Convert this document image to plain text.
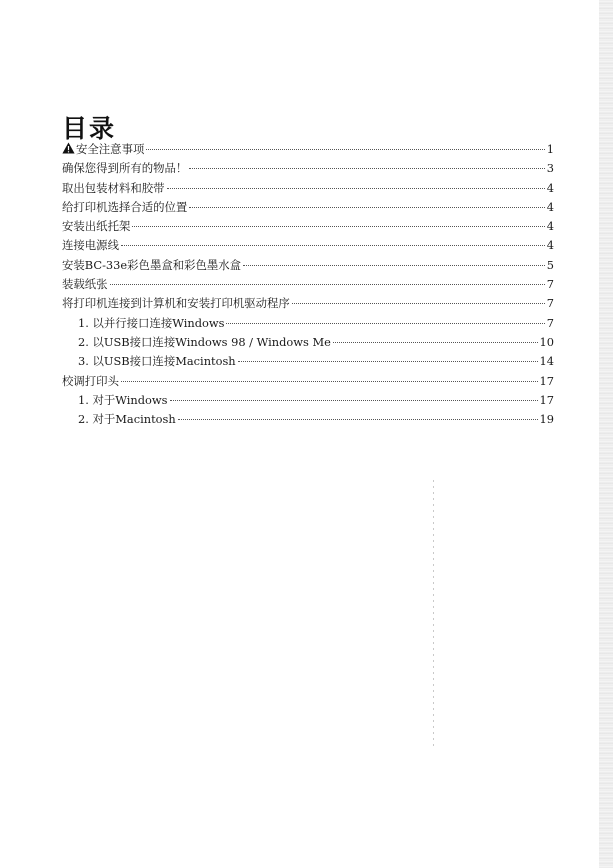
目录
安全注意事项	1
确保您得到所有的物品！	3
取出包装材料和胶带	4
给打印机选择合适的位置	4
安装出纸托架	4
连接电源线	4
安装BC-33e彩色墨盒和彩色墨水盒	5
装载纸张	7
将打印机连接到计算机和安装打印机驱动程序	7
1. 以并行接口连接Windows	7
2. 以USB接口连接Windows 98 / Windows Me	10
3. 以USB接口连接Macintosh	14
校调打印头	17
1. 对于Windows	17
2. 对于Macintosh	19
